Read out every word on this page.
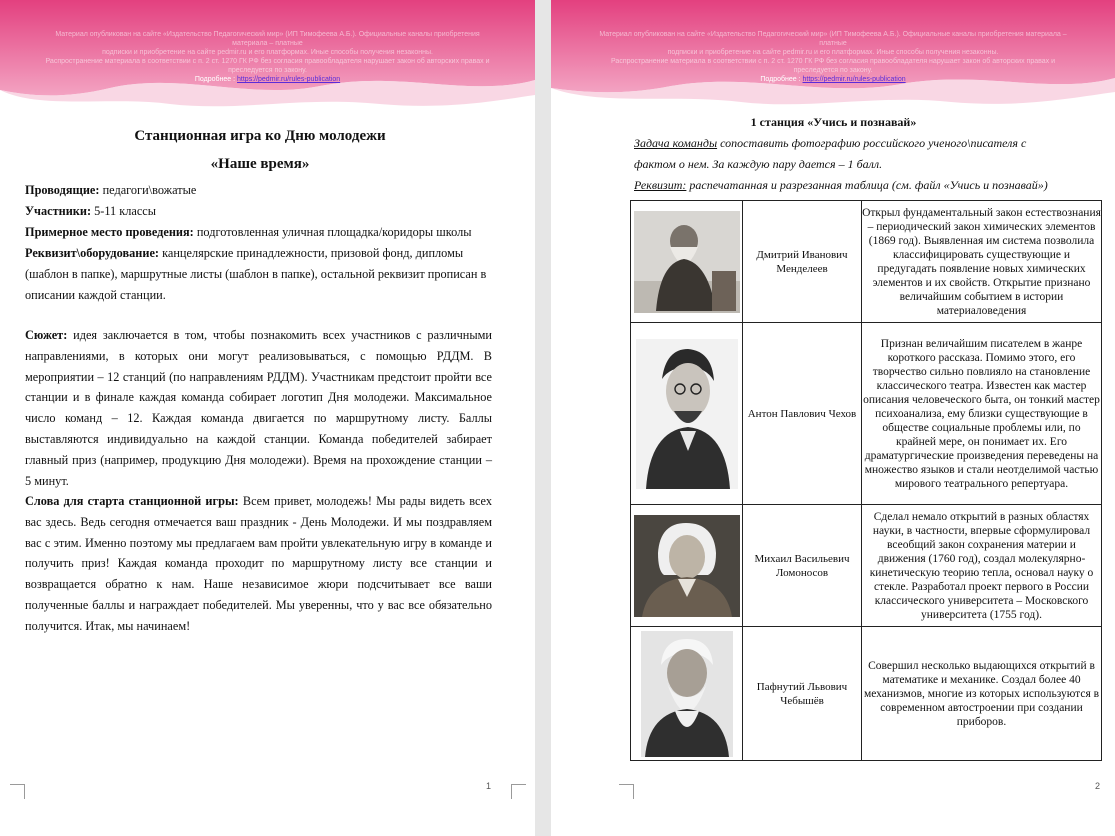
Материал опубликован на сайте «Издательство Педагогический мир» (ИП Тимофеева А.Б.). Официальные каналы приобретения материала – платные
подписки и приобретение на сайте pedmir.ru и его платформах. Иные способы получения незаконны.
Распространение материала в соответствии с п. 2 ст. 1270 ГК РФ без согласия правообладателя нарушает закон об авторских правах и
преследуется по закону.
Подробнее : https://pedmir.ru/rules-publication
Станционная игра ко Дню молодежи
«Наше время»

Проводящие: педагоги\вожатые

Участники: 5-11 классы

Примерное место проведения: подготовленная уличная площадка/коридоры школы

Реквизит\оборудование: канцелярские принадлежности, призовой фонд, дипломы
(шаблон в папке), маршрутные листы (шаблон в папке), остальной реквизит прописан в
описании каждой станции.

Сюжет: идея заключается в том, чтобы познакомить всех участников с различными направлениями, в которых они могут реализовываться, с помощью РДДМ. В мероприятии – 12 станций (по направлениям РДДМ). Участникам предстоит пройти все станции и в финале каждая команда собирает логотип Дня молодежи. Максимальное число команд – 12. Каждая команда двигается по маршрутному листу. Баллы выставляются индивидуально на каждой станции. Команда победителей забирает главный приз (например, продукцию Дня молодежи). Время на прохождение станции – 5 минут.

Слова для старта станционной игры: Всем привет, молодежь! Мы рады видеть всех вас здесь. Ведь сегодня отмечается ваш праздник - День Молодежи. И мы поздравляем вас с этим. Именно поэтому мы предлагаем вам пройти увлекательную игру в команде и получить приз! Каждая команда проходит по маршрутному листу все станции и возвращается обратно к нам. Наше независимое жюри подсчитывает все ваши полученные баллы и награждает победителей. Мы уверенны, что у вас все обязательно получится. Итак, мы начинаем!

1
Материал опубликован на сайте «Издательство Педагогический мир» (ИП Тимофеева А.Б.). Официальные каналы приобретения материала – платные
подписки и приобретение на сайте pedmir.ru и его платформах. Иные способы получения незаконны.
Распространение материала в соответствии с п. 2 ст. 1270 ГК РФ без согласия правообладателя нарушает закон об авторских правах и
преследуется по закону.
Подробнее : https://pedmir.ru/rules-publication
1 станция «Учись и познавай»

Задача команды сопоставить фотографию российского ученого\писателя с фактом о нем. За каждую пару дается – 1 балл.

Реквизит: распечатанная и разрезанная таблица (см. файл «Учись и познавай»)

	Дмитрий Иванович Менделеев	Открыл фундаментальный закон естествознания – периодический закон химических элементов (1869 год). Выявленная им система позволила классифицировать существующие и предугадать появление новых химических элементов и их свойств. Открытие признано величайшим событием в истории материаловедения

	Антон Павлович Чехов	Признан величайшим писателем в жанре короткого рассказа. Помимо этого, его творчество сильно повлияло на становление классического театра. Известен как мастер описания человеческого быта, он тонкий мастер психоанализа, ему близки существующие в обществе социальные проблемы или, по крайней мере, он понимает их. Его драматургические произведения переведены на множество языков и стали неотделимой частью мирового театрального репертуара.

	Михаил Васильевич Ломоносов	Сделал немало открытий в разных областях науки, в частности, впервые сформулировал всеобщий закон сохранения материи и движения (1760 год), создал молекулярно-кинетическую теорию тепла, основал науку о стекле. Разработал проект первого в России классического университета – Московского университета (1755 год).

	Пафнутий Львович Чебышёв	Совершил несколько выдающихся открытий в математике и механике. Создал более 40 механизмов, многие из которых используются в современном автостроении при создании приборов.
2
